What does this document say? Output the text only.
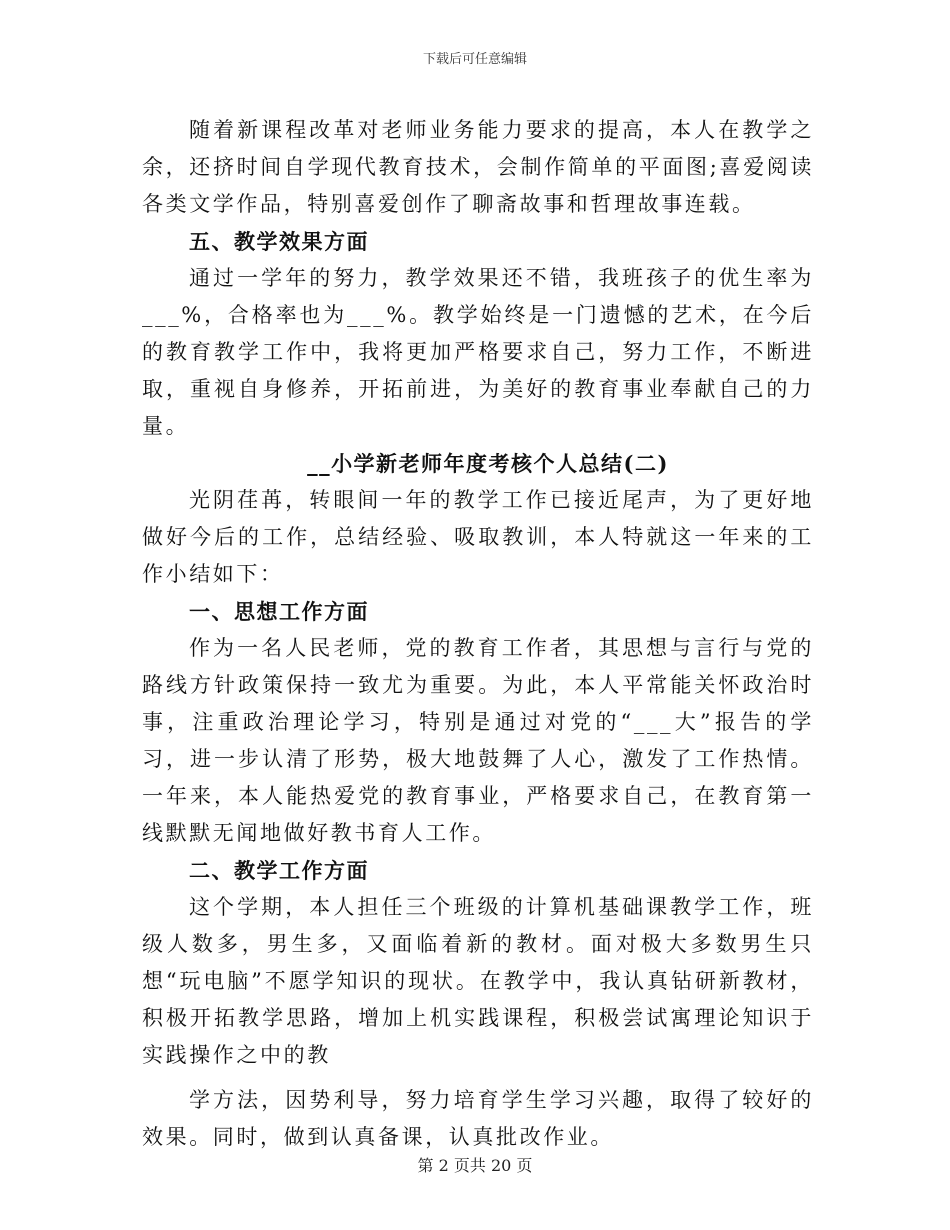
下载后可任意编辑

随着新课程改革对老师业务能力要求的提高，本人在教学之余，还挤时间自学现代教育技术，会制作简单的平面图;喜爱阅读各类文学作品，特别喜爱创作了聊斋故事和哲理故事连载。

五、教学效果方面

通过一学年的努力，教学效果还不错，我班孩子的优生率为___%，合格率也为___%。教学始终是一门遗憾的艺术，在今后的教育教学工作中，我将更加严格要求自己，努力工作，不断进取，重视自身修养，开拓前进，为美好的教育事业奉献自己的力量。

__小学新老师年度考核个人总结(二)

光阴荏苒，转眼间一年的教学工作已接近尾声，为了更好地做好今后的工作，总结经验、吸取教训，本人特就这一年来的工作小结如下：

一、思想工作方面

作为一名人民老师，党的教育工作者，其思想与言行与党的路线方针政策保持一致尤为重要。为此，本人平常能关怀政治时事，注重政治理论学习，特别是通过对党的“___大”报告的学习，进一步认清了形势，极大地鼓舞了人心，激发了工作热情。一年来，本人能热爱党的教育事业，严格要求自己，在教育第一线默默无闻地做好教书育人工作。

二、教学工作方面

这个学期，本人担任三个班级的计算机基础课教学工作，班级人数多，男生多，又面临着新的教材。面对极大多数男生只想“玩电脑”不愿学知识的现状。在教学中，我认真钻研新教材，积极开拓教学思路，增加上机实践课程，积极尝试寓理论知识于实践操作之中的教

学方法，因势利导，努力培育学生学习兴趣，取得了较好的效果。同时，做到认真备课，认真批改作业。

第 2 页共 20 页
